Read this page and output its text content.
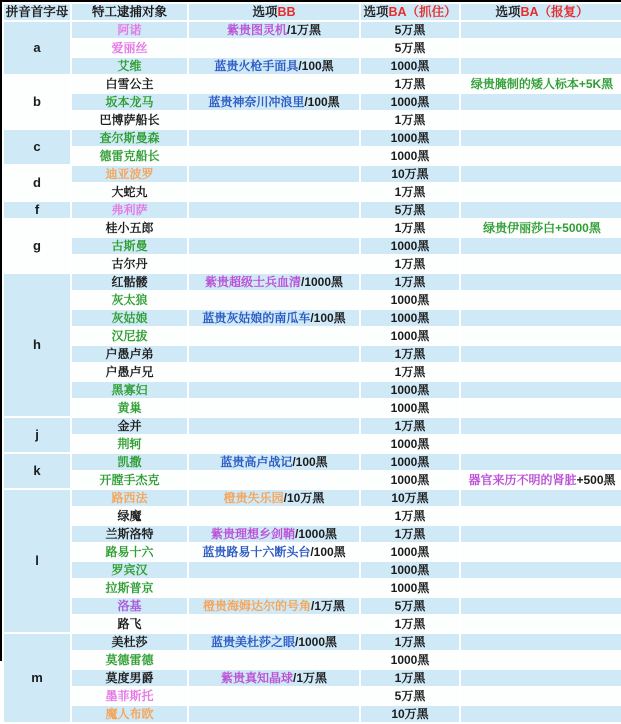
拼音首字母	特工逮捕对象	选项BB	选项BA（抓住）	选项BA（报复）
a	阿诺	紫贵图灵机/1万黑	5万黑	
	爱丽丝		5万黑	
	艾维	蓝贵火枪手面具/100黑	1000黑	
b	白雪公主		1万黑	绿贵腌制的矮人标本+5K黑
	坂本龙马	蓝贵神奈川冲浪里/100黑	1000黑	
	巴博萨船长		1万黑	
c	查尔斯曼森		1000黑	
	德雷克船长		1000黑	
d	迪亚波罗		10万黑	
	大蛇丸		1万黑	
f	弗利萨		5万黑	
g	桂小五郎		1万黑	绿贵伊丽莎白+5000黑
	古斯曼		1000黑	
	古尔丹		1万黑	
h	红骷髅	紫贵超级士兵血清/1000黑	1万黑	
	灰太狼		1000黑	
	灰姑娘	蓝贵灰姑娘的南瓜车/100黑	1000黑	
	汉尼拔		1000黑	
	户愚卢弟		1万黑	
	户愚卢兄		1万黑	
	黑寡妇		1000黑	
	黄巢		1000黑	
j	金并		1万黑	
	荆轲		1000黑	
k	凯撒	蓝贵高卢战记/100黑	1000黑	
	开膛手杰克		1000黑	器官来历不明的肾脏+500黑
l	路西法	橙贵失乐园/10万黑	10万黑	
	绿魔		1万黑	
	兰斯洛特	紫贵理想乡剑鞘/1000黑	1万黑	
	路易十六	蓝贵路易十六断头台/100黑	1000黑	
	罗宾汉		1000黑	
	拉斯普京		1000黑	
	洛基	橙贵海姆达尔的号角/1万黑	5万黑	
	路飞		1万黑	
m	美杜莎	蓝贵美杜莎之眼/1000黑	1万黑	
	莫德雷德		1000黑	
	莫度男爵	紫贵真知晶球/1万黑	1万黑	
	墨菲斯托		5万黑	
	魔人布欧		10万黑	
